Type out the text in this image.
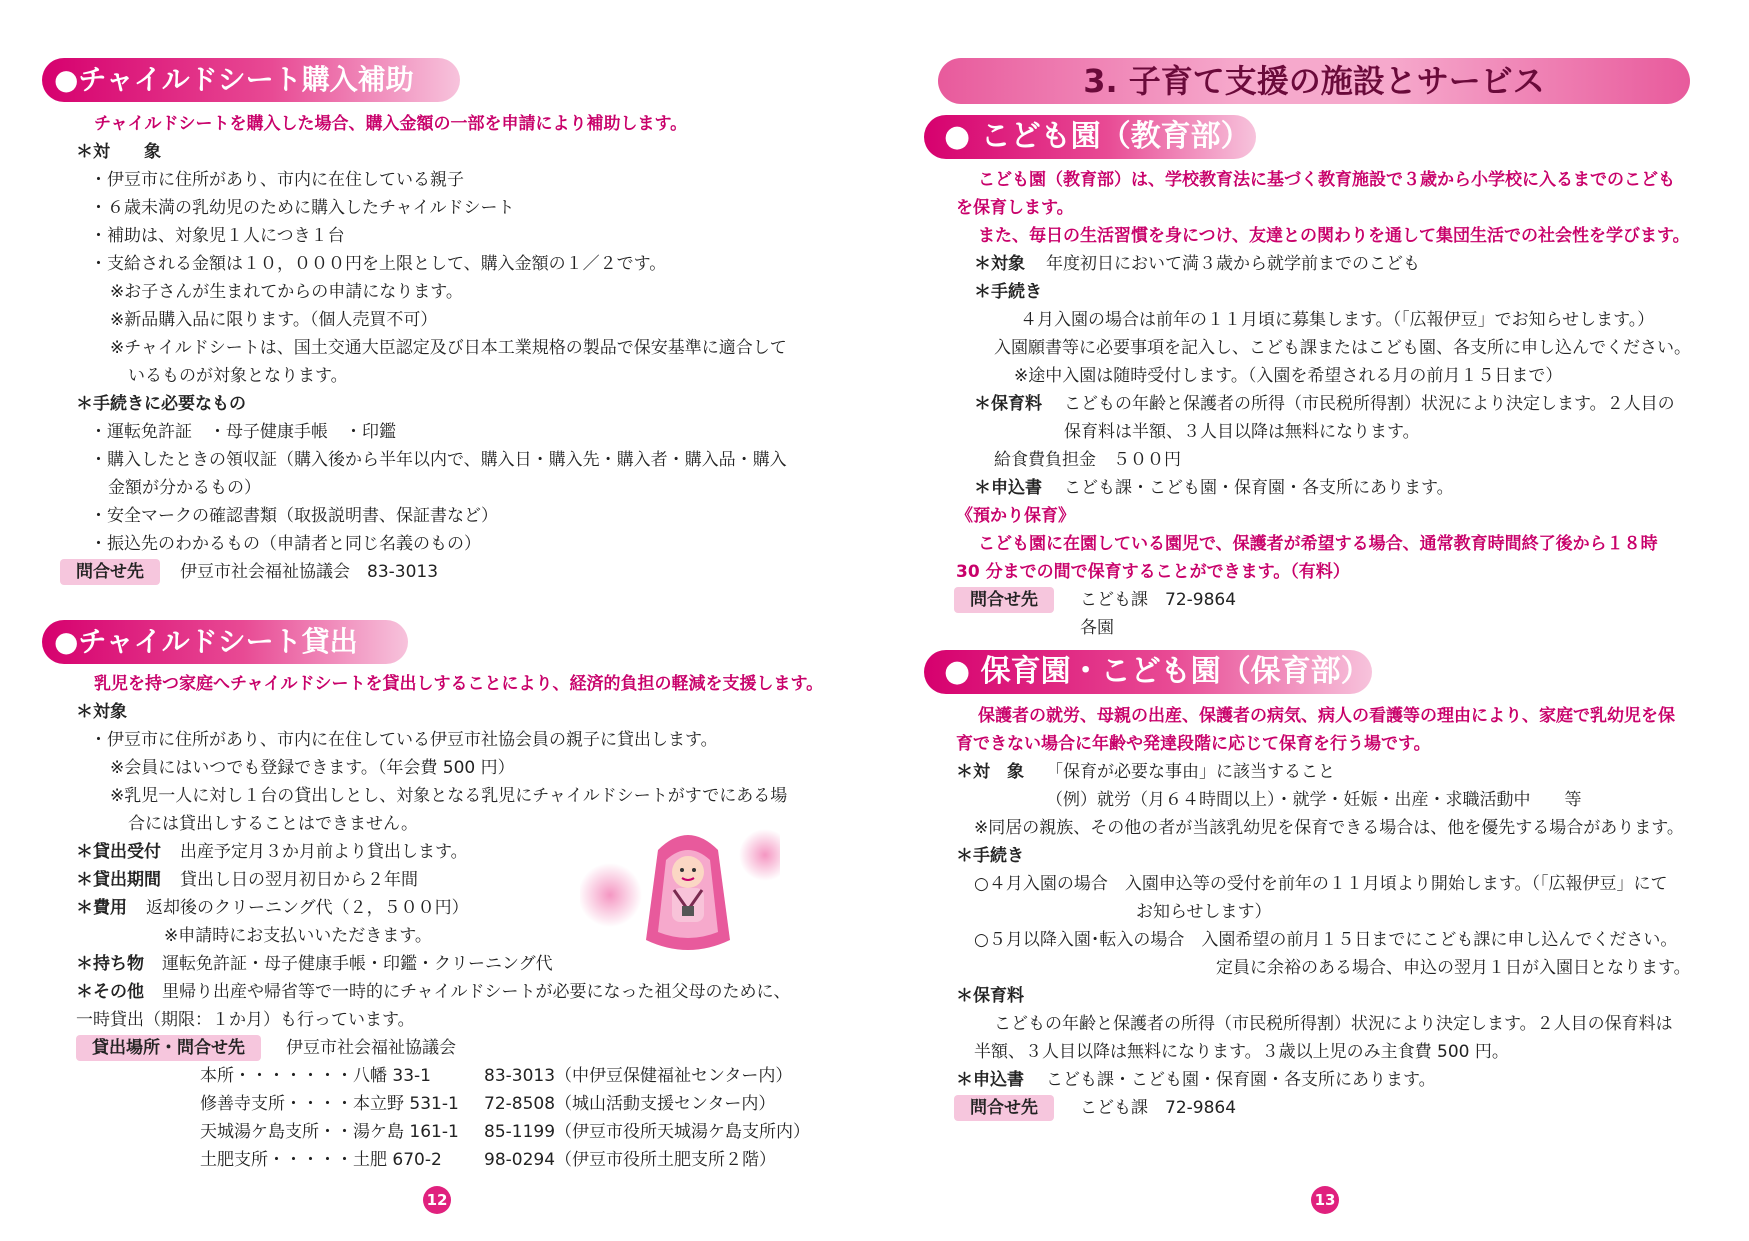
●チャイルドシート購入補助
チャイルドシートを購入した場合、購入金額の一部を申請により補助します。
＊対　　象
・伊豆市に住所があり、市内に在住している親子
・６歳未満の乳幼児のために購入したチャイルドシート
・補助は、対象児１人につき１台
・支給される金額は１０，０００円を上限として、購入金額の１／２です。
※お子さんが生まれてからの申請になります。
※新品購入品に限ります。（個人売買不可）
※チャイルドシートは、国土交通大臣認定及び日本工業規格の製品で保安基準に適合して
いるものが対象となります。
＊手続きに必要なもの
・運転免許証　・母子健康手帳　・印鑑
・購入したときの領収証（購入後から半年以内で、購入日・購入先・購入者・購入品・購入
金額が分かるもの）
・安全マークの確認書類（取扱説明書、保証書など）
・振込先のわかるもの（申請者と同じ名義のもの）
問合せ先	伊豆市社会福祉協議会　83-3013
●チャイルドシート貸出
乳児を持つ家庭へチャイルドシートを貸出しすることにより、経済的負担の軽減を支援します。
＊対象
・伊豆市に住所があり、市内に在住している伊豆市社協会員の親子に貸出します。
※会員にはいつでも登録できます。（年会費 500 円）
※乳児一人に対し１台の貸出しとし、対象となる乳児にチャイルドシートがすでにある場
合には貸出しすることはできません。
＊貸出受付 出産予定月３か月前より貸出します。
＊貸出期間 貸出し日の翌月初日から２年間
＊費用 返却後のクリーニング代（２，５００円）
※申請時にお支払いいただきます。
＊持ち物 運転免許証・母子健康手帳・印鑑・クリーニング代
＊その他 里帰り出産や帰省等で一時的にチャイルドシートが必要になった祖父母のために、
一時貸出（期限：１か月）も行っています。
貸出場所・問合せ先	伊豆市社会福祉協議会
本所・・・・・・・八幡 33-1	83-3013（中伊豆保健福祉センター内）
修善寺支所・・・・本立野 531-1 72-8508（城山活動支援センター内）
天城湯ケ島支所・・湯ケ島 161-1 85-1199（伊豆市役所天城湯ケ島支所内）
土肥支所・・・・・土肥 670-2 98-0294（伊豆市役所土肥支所２階）
12
3. 子育て支援の施設とサービス
● こども園（教育部）
こども園（教育部）は、学校教育法に基づく教育施設で３歳から小学校に入るまでのこども
を保育します。
また、毎日の生活習慣を身につけ、友達との関わりを通して集団生活での社会性を学びます。
＊対象 年度初日において満３歳から就学前までのこども
＊手続き
４月入園の場合は前年の１１月頃に募集します。（「広報伊豆」でお知らせします。）
入園願書等に必要事項を記入し、こども課またはこども園、各支所に申し込んでください。
※途中入園は随時受付します。（入園を希望される月の前月１５日まで）
＊保育料 こどもの年齢と保護者の所得（市民税所得割）状況により決定します。２人目の
保育料は半額、３人目以降は無料になります。
給食費負担金　５００円
＊申込書 こども課・こども園・保育園・各支所にあります。
《預かり保育》
こども園に在園している園児で、保護者が希望する場合、通常教育時間終了後から１８時
30 分までの間で保育することができます。（有料）
問合せ先	こども課　72-9864
各園
● 保育園・こども園（保育部）
保護者の就労、母親の出産、保護者の病気、病人の看護等の理由により、家庭で乳幼児を保
育できない場合に年齢や発達段階に応じて保育を行う場です。
＊対　象 「保育が必要な事由」に該当すること
（例）就労（月６４時間以上）・就学・妊娠・出産・求職活動中　　等
※同居の親族、その他の者が当該乳幼児を保育できる場合は、他を優先する場合があります。
＊手続き
○４月入園の場合　入園申込等の受付を前年の１１月頃より開始します。（「広報伊豆」にて
お知らせします）
○５月以降入園･転入の場合　入園希望の前月１５日までにこども課に申し込んでください。
定員に余裕のある場合、申込の翌月１日が入園日となります。
＊保育料
こどもの年齢と保護者の所得（市民税所得割）状況により決定します。２人目の保育料は
半額、３人目以降は無料になります。３歳以上児のみ主食費 500 円。
＊申込書 こども課・こども園・保育園・各支所にあります。
問合せ先	こども課　72-9864
13
